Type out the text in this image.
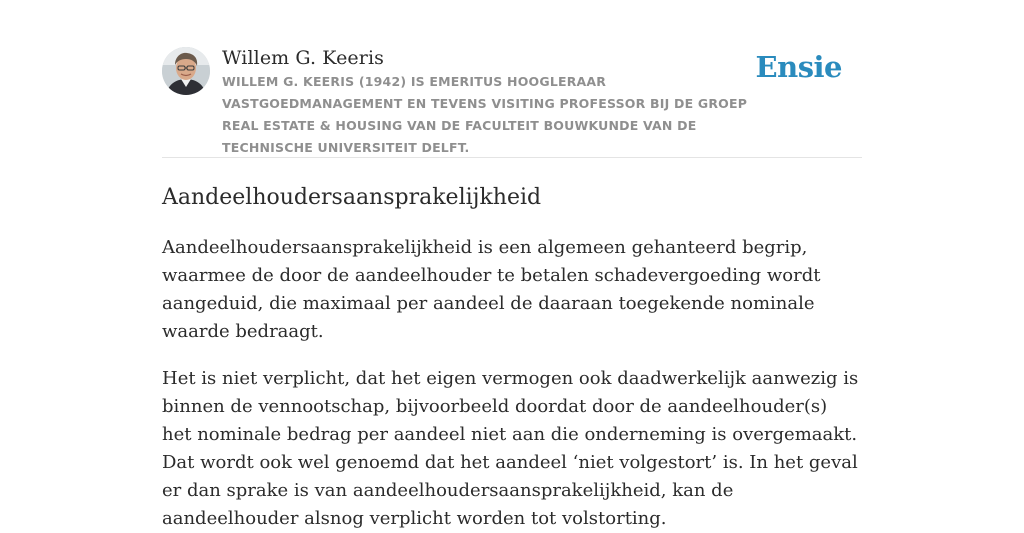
Willem G. Keeris
WILLEM G. KEERIS (1942) IS EMERITUS HOOGLERAAR VASTGOEDMANAGEMENT EN TEVENS VISITING PROFESSOR BIJ DE GROEP REAL ESTATE & HOUSING VAN DE FACULTEIT BOUWKUNDE VAN DE TECHNISCHE UNIVERSITEIT DELFT.
Ensie
Aandeelhoudersaansprakelijkheid

Aandeelhoudersaansprakelijkheid is een algemeen gehanteerd begrip, waarmee de door de aandeelhouder te betalen schadevergoeding wordt aangeduid, die maximaal per aandeel de daaraan toegekende nominale waarde bedraagt.

Het is niet verplicht, dat het eigen vermogen ook daadwerkelijk aanwezig is binnen de vennootschap, bijvoorbeeld doordat door de aandeelhouder(s) het nominale bedrag per aandeel niet aan die onderneming is overgemaakt. Dat wordt ook wel genoemd dat het aandeel ‘niet volgestort’ is. In het geval er dan sprake is van aandeelhoudersaansprakelijkheid, kan de aandeelhouder alsnog verplicht worden tot volstorting.
